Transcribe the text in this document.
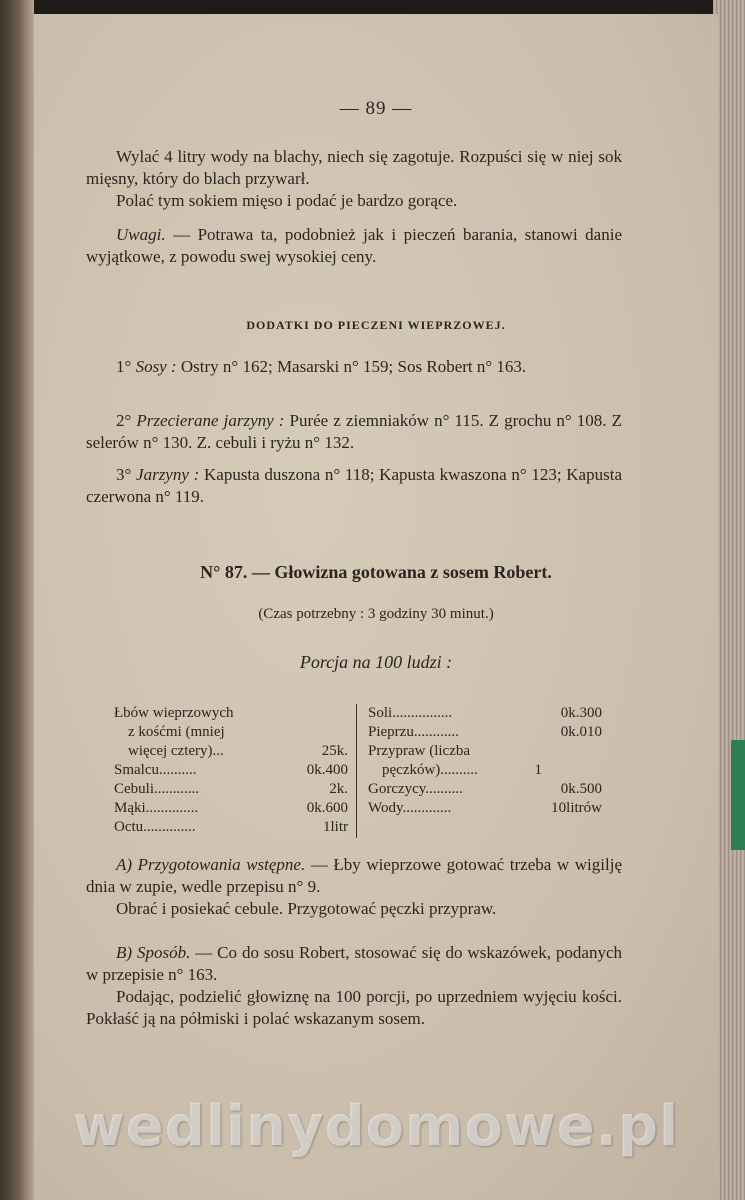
— 89 —
Wylać 4 litry wody na blachy, niech się zagotuje. Rozpuści się w niej sok mięsny, który do blach przywarł.
Polać tym sokiem mięso i podać je bardzo gorące.
Uwagi. — Potrawa ta, podobnież jak i pieczeń barania, stanowi danie wyjątkowe, z powodu swej wysokiej ceny.
DODATKI DO PIECZENI WIEPRZOWEJ.
1° Sosy : Ostry n° 162; Masarski n° 159; Sos Robert n° 163.
2° Przecierane jarzyny : Purée z ziemniaków n° 115. Z grochu n° 108. Z selerów n° 130. Z. cebuli i ryżu n° 132.
3° Jarzyny : Kapusta duszona n° 118; Kapusta kwaszona n° 123; Kapusta czerwona n° 119.
N° 87. — Głowizna gotowana z sosem Robert.
(Czas potrzebny : 3 godziny 30 minut.)
Porcja na 100 ludzi :
Łbów wieprzowych
z kośćmi (mniej
więcej cztery)...	25k.
Smalcu..........	0k.400
Cebuli............	2k.
Mąki..............	0k.600
Octu..............	1litr
Soli................	0k.300
Pieprzu............	0k.010
Przypraw (liczba
pęczków)..........	1
Gorczycy..........	0k.500
Wody.............	10litrów
A) Przygotowania wstępne. — Łby wieprzowe gotować trzeba w wigilję dnia w zupie, wedle przepisu n° 9.
Obrać i posiekać cebule. Przygotować pęczki przypraw.
B) Sposób. — Co do sosu Robert, stosować się do wskazówek, podanych w przepisie n° 163.
Podając, podzielić głowiznę na 100 porcji, po uprzedniem wyjęciu kości. Pokłaść ją na półmiski i polać wskazanym sosem.
wedlinydomowe.pl
